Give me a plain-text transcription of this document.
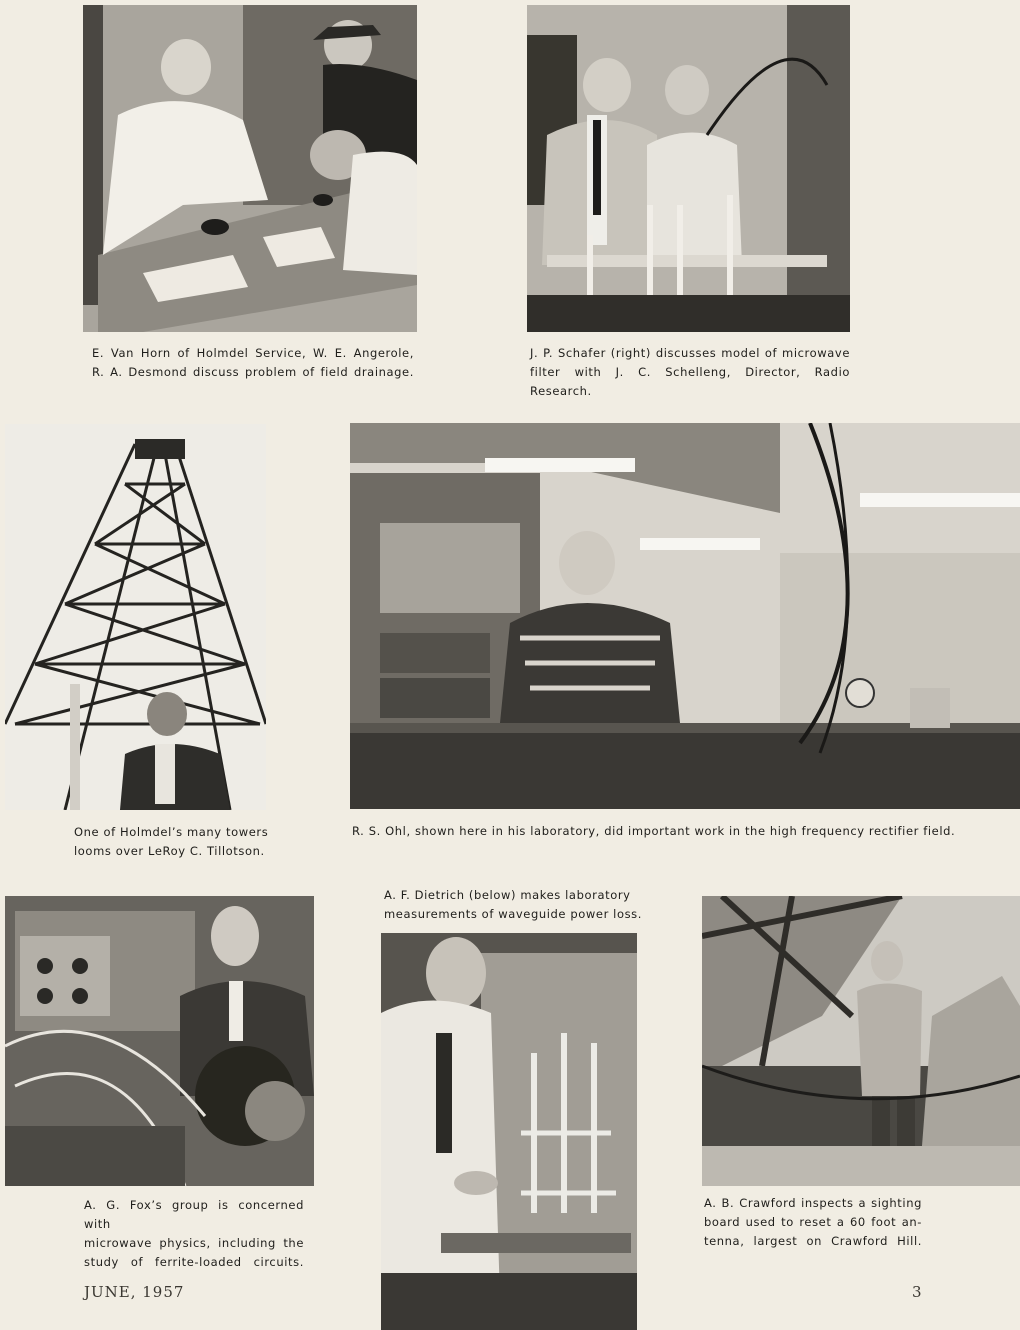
E. Van Horn of Holmdel Service, W. E. Angerole,
R. A. Desmond discuss problem of field drainage.
J. P. Schafer (right) discusses model of microwave
filter with J. C. Schelleng, Director, Radio Research.
One of Holmdel’s many towers
looms over LeRoy C. Tillotson.
R. S. Ohl, shown here in his laboratory, did important work in the high frequency rectifier field.
A. F. Dietrich (below) makes laboratory
measurements of waveguide power loss.
A. G. Fox’s group is concerned with
microwave physics, including the
study of ferrite-loaded circuits.
A. B. Crawford inspects a sighting
board used to reset a 60 foot an-
tenna, largest on Crawford Hill.
JUNE, 1957	3
